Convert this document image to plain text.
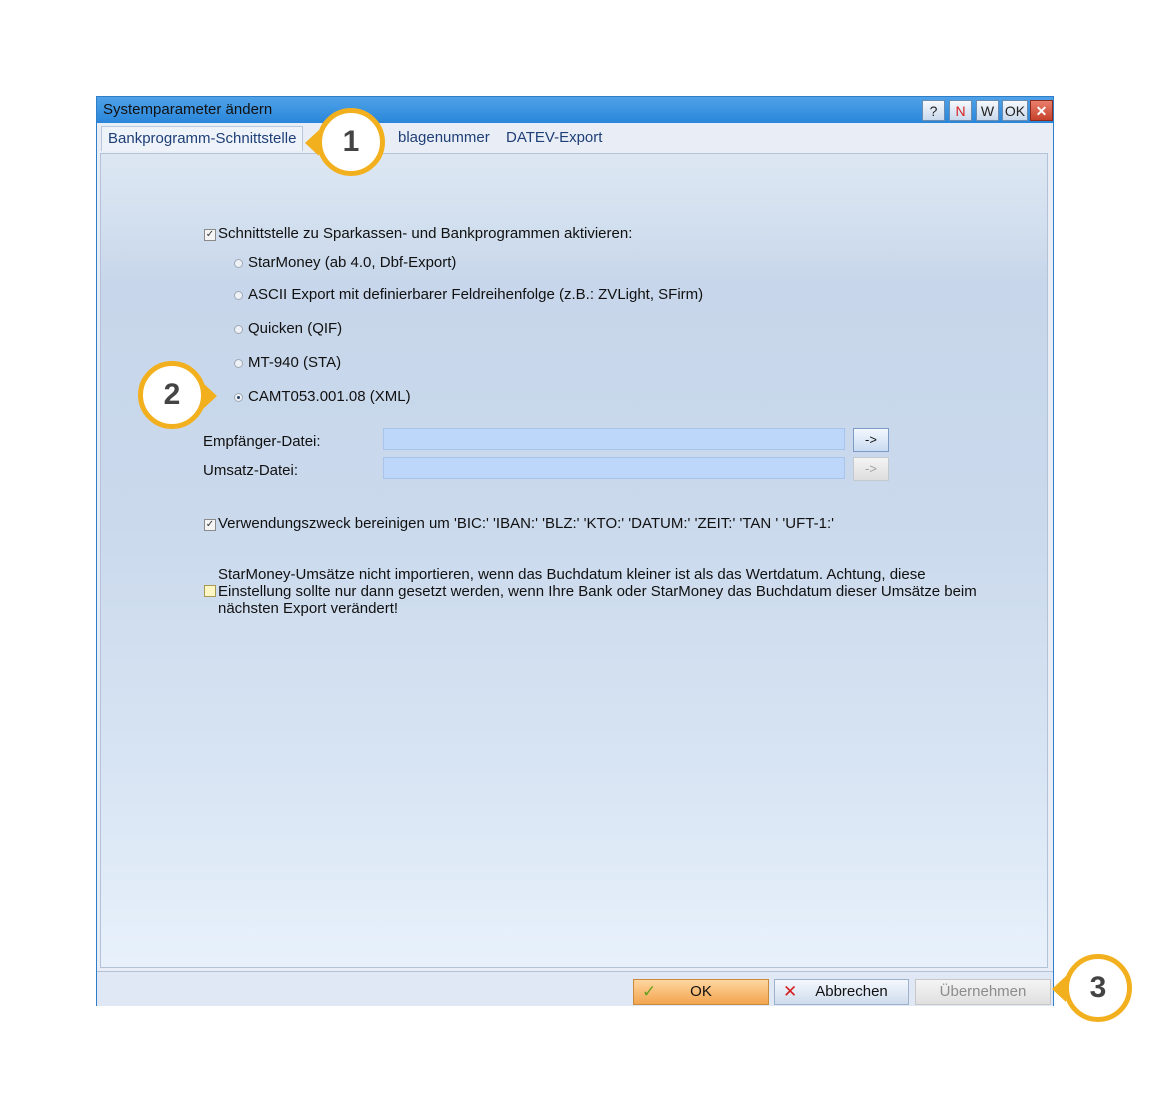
Systemparameter ändern	?	N	W OK ✕
Bankprogramm-Schnittstelle	blagenummer DATEV-Export
✓ Schnittstelle zu Sparkassen- und Bankprogrammen aktivieren:
StarMoney (ab 4.0, Dbf-Export)
ASCII Export mit definierbarer Feldreihenfolge (z.B.: ZVLight, SFirm)
Quicken (QIF)
MT-940 (STA)
CAMT053.001.08 (XML)
Empfänger-Datei:	->
Umsatz-Datei:	->
✓ Verwendungszweck bereinigen um 'BIC:' 'IBAN:' 'BLZ:' 'KTO:' 'DATUM:' 'ZEIT:' 'TAN ' 'UFT-1:'
StarMoney-Umsätze nicht importieren, wenn das Buchdatum kleiner ist als das Wertdatum. Achtung, diese
Einstellung sollte nur dann gesetzt werden, wenn Ihre Bank oder StarMoney das Buchdatum dieser Umsätze beim
nächsten Export verändert!
✓ OK	✕ Abbrechen	Übernehmen
1
2
3
